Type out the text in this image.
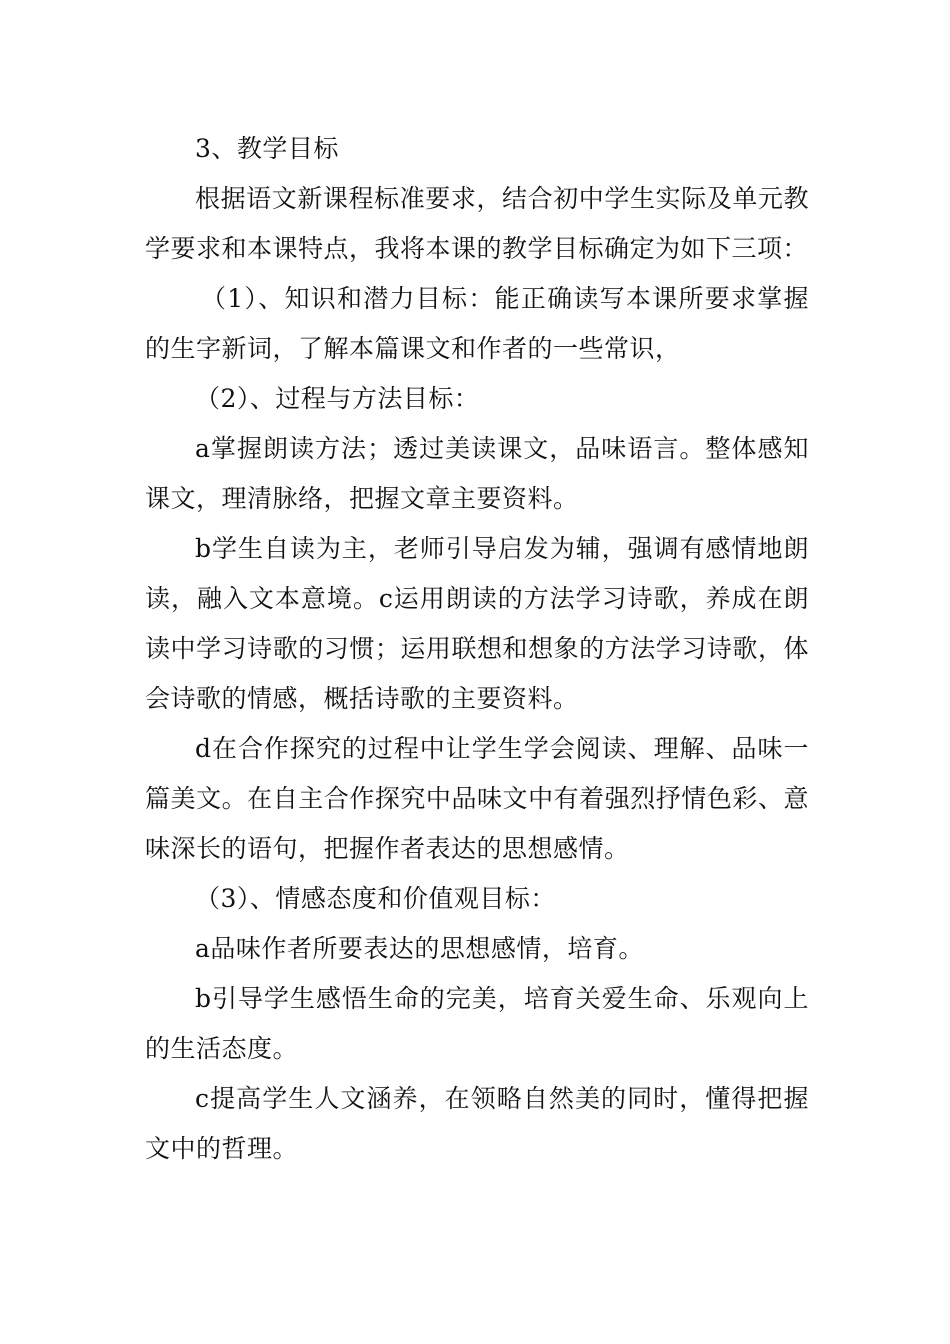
3、教学目标

根据语文新课程标准要求，结合初中学生实际及单元教学要求和本课特点，我将本课的教学目标确定为如下三项：

（1）、知识和潜力目标：能正确读写本课所要求掌握的生字新词，了解本篇课文和作者的一些常识，

（2）、过程与方法目标：

a掌握朗读方法；透过美读课文，品味语言。整体感知课文，理清脉络，把握文章主要资料。

b学生自读为主，老师引导启发为辅，强调有感情地朗读，融入文本意境。c运用朗读的方法学习诗歌，养成在朗读中学习诗歌的习惯；运用联想和想象的方法学习诗歌，体会诗歌的情感，概括诗歌的主要资料。

d在合作探究的过程中让学生学会阅读、理解、品味一篇美文。在自主合作探究中品味文中有着强烈抒情色彩、意味深长的语句，把握作者表达的思想感情。

（3）、情感态度和价值观目标：

a品味作者所要表达的思想感情，培育。

b引导学生感悟生命的完美，培育关爱生命、乐观向上的生活态度。

c提高学生人文涵养，在领略自然美的同时，懂得把握文中的哲理。
